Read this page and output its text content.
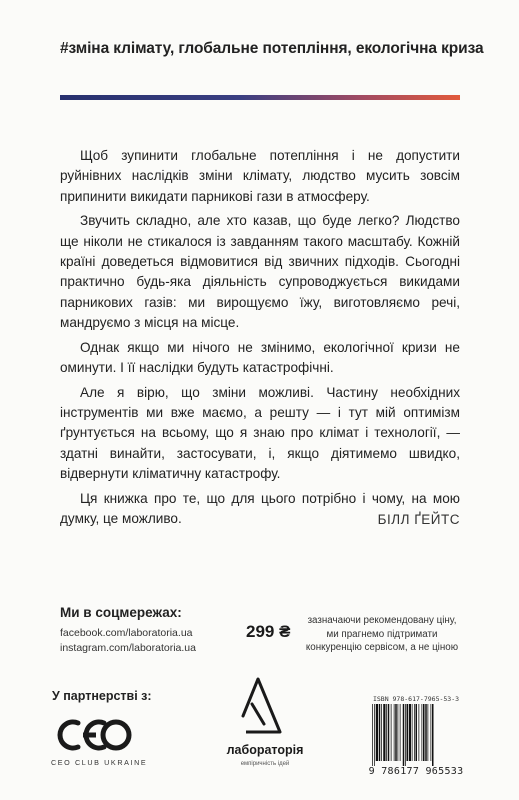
#зміна клімату, глобальне потепління, екологічна криза

Щоб зупинити глобальне потепління і не допустити руйнівних наслідків зміни клімату, людство мусить зовсім припинити викидати парникові гази в атмосферу.

Звучить складно, але хто казав, що буде легко? Людство ще ніколи не стикалося із завданням такого масштабу. Кожній країні доведеться відмовитися від звичних підходів. Сьогодні практично будь-яка діяльність супроводжується викидами парникових газів: ми вирощуємо їжу, виготовляємо речі, мандруємо з місця на місце.

Однак якщо ми нічого не змінимо, екологічної кризи не оминути. І її наслідки будуть катастрофічні.

Але я вірю, що зміни можливі. Частину необхідних інструментів ми вже маємо, а решту — і тут мій оптимізм ґрунтується на всьому, що я знаю про клімат і технології, — здатні винайти, застосувати, і, якщо діятимемо швидко, відвернути кліматичну катастрофу.

Ця книжка про те, що для цього потрібно і чому, на мою думку, це можливо.	БІЛЛ ҐЕЙТС
Ми в соцмережах:
facebook.com/laboratoria.ua
instagram.com/laboratoria.ua
299 ₴
зазначаючи рекомендовану ціну, ми прагнемо підтримати конкуренцію сервісом, а не ціною
У партнерстві з:
CEO CLUB UKRAINE
лабораторія
емпіричність ідей
ISBN 978-617-7965-53-3
9 786177 965533
